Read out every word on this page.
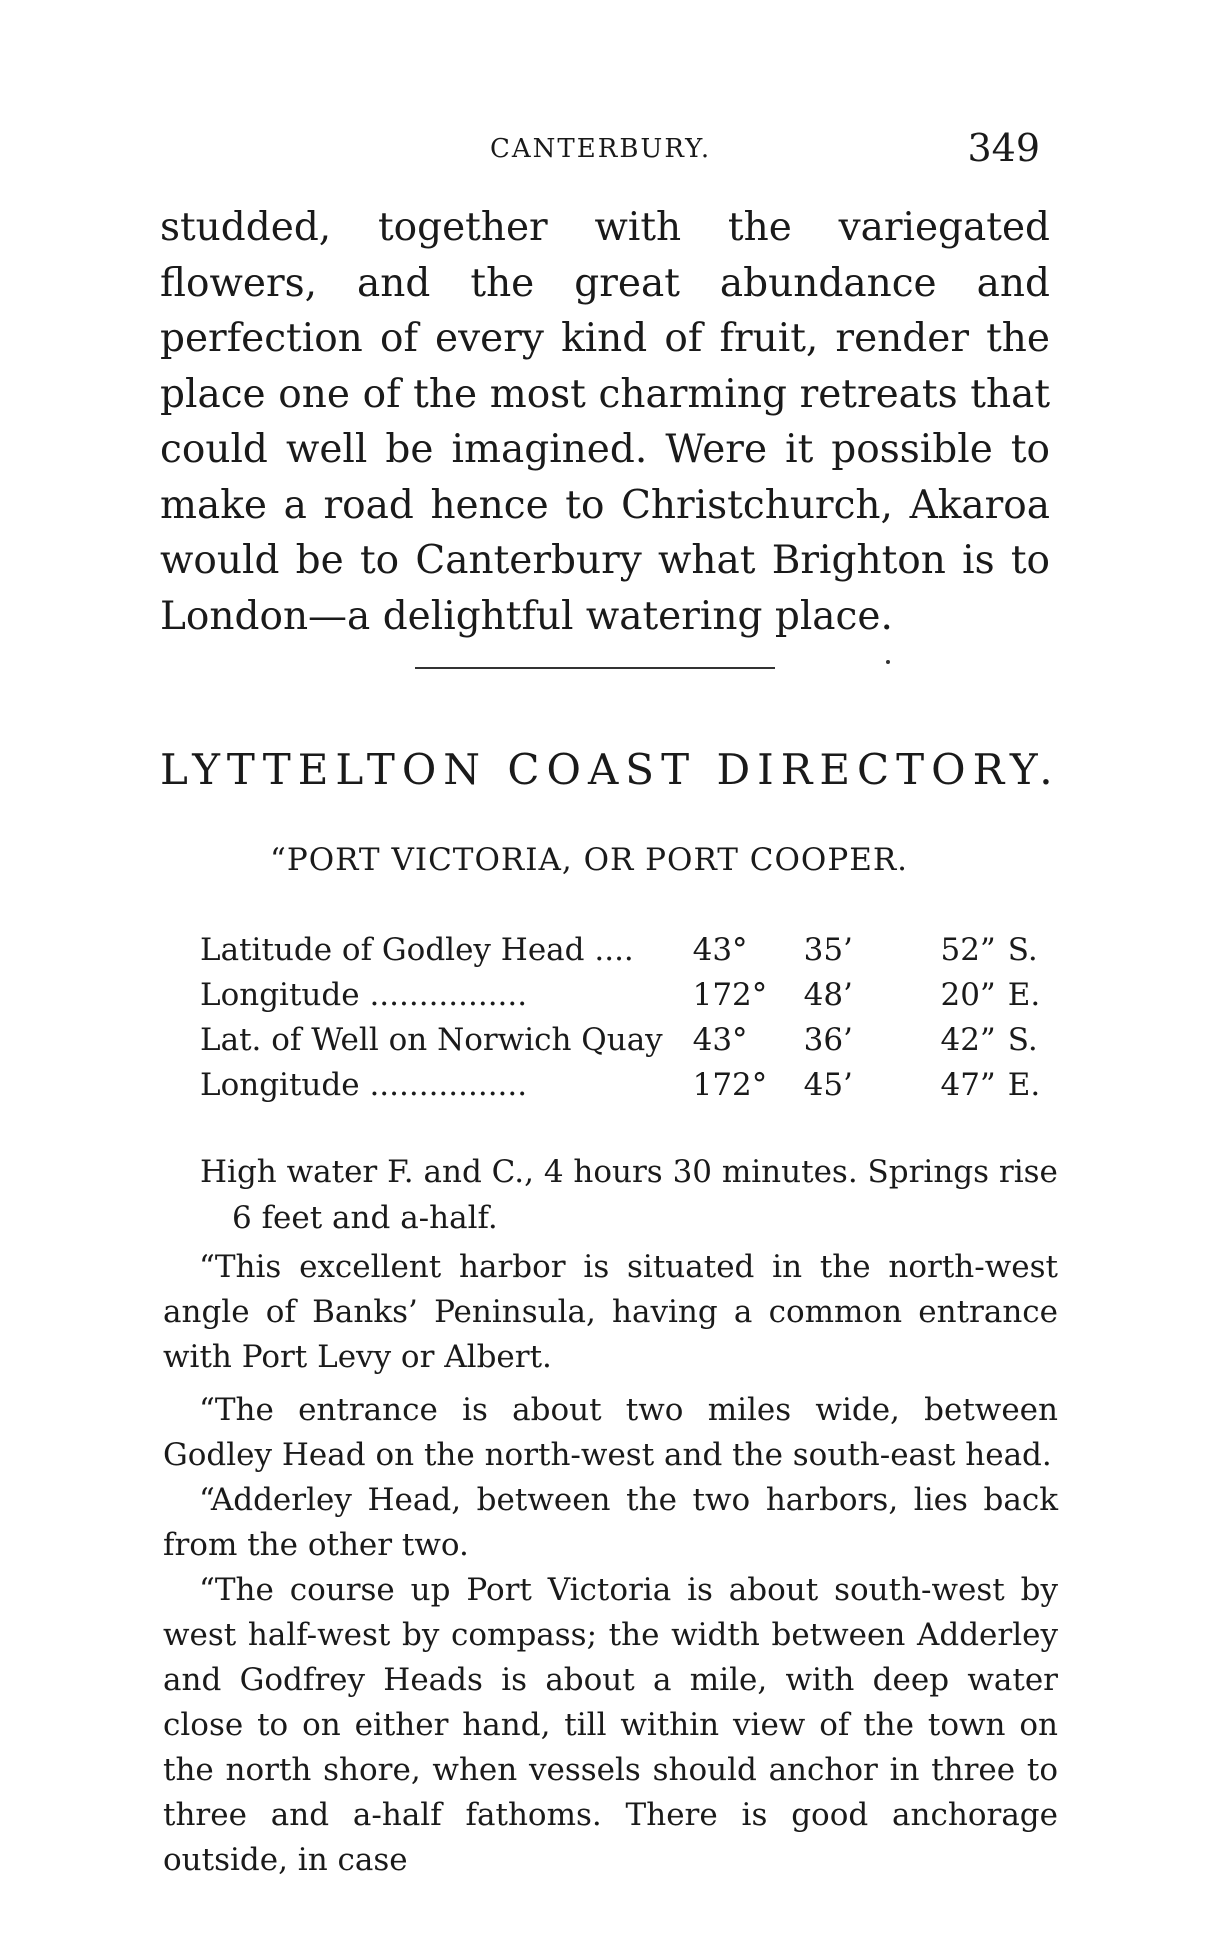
CANTERBURY.	349

studded, together with the variegated flowers, and the great abundance and perfection of every kind of fruit, render the place one of the most charming retreats that could well be imagined. Were it possible to make a road hence to Christchurch, Akaroa would be to Canterbury what Brighton is to London—a delightful watering place.

LYTTELTON COAST DIRECTORY.
“PORT VICTORIA, OR PORT COOPER.
Latitude of Godley Head ....	43°	35’	52”	S.
Longitude ................	172°	48’	20”	E.
Lat. of Well on Norwich Quay	43°	36’	42”	S.
Longitude ................	172°	45’	47”	E.

High water F. and C., 4 hours 30 minutes. Springs rise

6 feet and a-half.

“This excellent harbor is situated in the north-west angle of Banks’ Peninsula, having a common entrance with Port Levy or Albert.

“The entrance is about two miles wide, between Godley Head on the north-west and the south-east head.

“Adderley Head, between the two harbors, lies back from the other two.

“The course up Port Victoria is about south-west by west half-west by compass; the width between Adderley and Godfrey Heads is about a mile, with deep water close to on either hand, till within view of the town on the north shore, when vessels should anchor in three to three and a-half fathoms. There is good anchorage outside, in case
